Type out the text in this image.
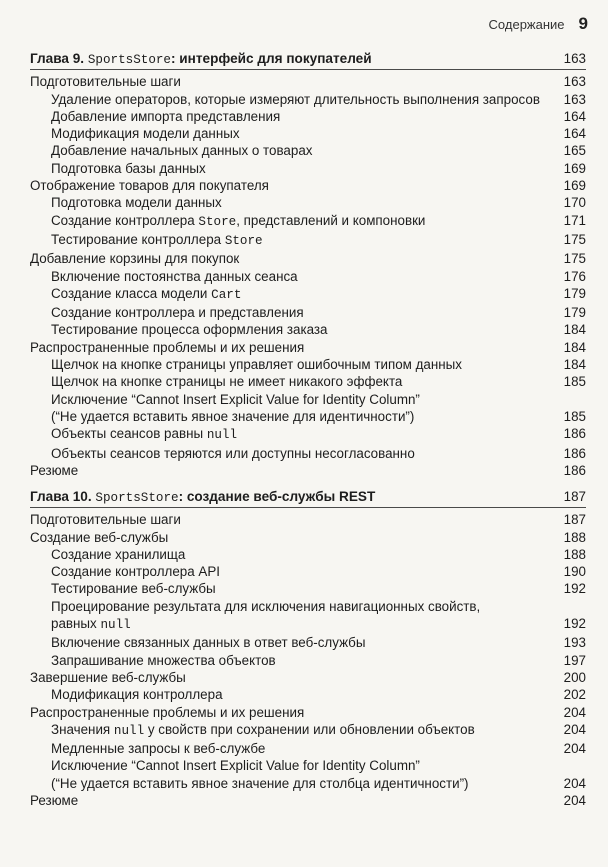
Содержание 9
Глава 9. SportsStore: интерфейс для покупателей	163
Подготовительные шаги	163
Удаление операторов, которые измеряют длительность выполнения запросов 163
Добавление импорта представления	164
Модификация модели данных	164
Добавление начальных данных о товарах	165
Подготовка базы данных	169
Отображение товаров для покупателя	169
Подготовка модели данных	170
Создание контроллера Store, представлений и компоновки	171
Тестирование контроллера Store	175
Добавление корзины для покупок	175
Включение постоянства данных сеанса	176
Создание класса модели Cart	179
Создание контроллера и представления	179
Тестирование процесса оформления заказа	184
Распространенные проблемы и их решения	184
Щелчок на кнопке страницы управляет ошибочным типом данных	184
Щелчок на кнопке страницы не имеет никакого эффекта	185
Исключение “Cannot Insert Explicit Value for Identity Column”
(“Не удается вставить явное значение для идентичности”)	185
Объекты сеансов равны null	186
Объекты сеансов теряются или доступны несогласованно	186
Резюме	186
Глава 10. SportsStore: создание веб-службы REST	187
Подготовительные шаги	187
Создание веб-службы	188
Создание хранилища	188
Создание контроллера API	190
Тестирование веб-службы	192
Проецирование результата для исключения навигационных свойств,
равных null	192
Включение связанных данных в ответ веб-службы	193
Запрашивание множества объектов	197
Завершение веб-службы	200
Модификация контроллера	202
Распространенные проблемы и их решения	204
Значения null у свойств при сохранении или обновлении объектов	204
Медленные запросы к веб-службе	204
Исключение “Cannot Insert Explicit Value for Identity Column”
(“Не удается вставить явное значение для столбца идентичности”)	204
Резюме	204
